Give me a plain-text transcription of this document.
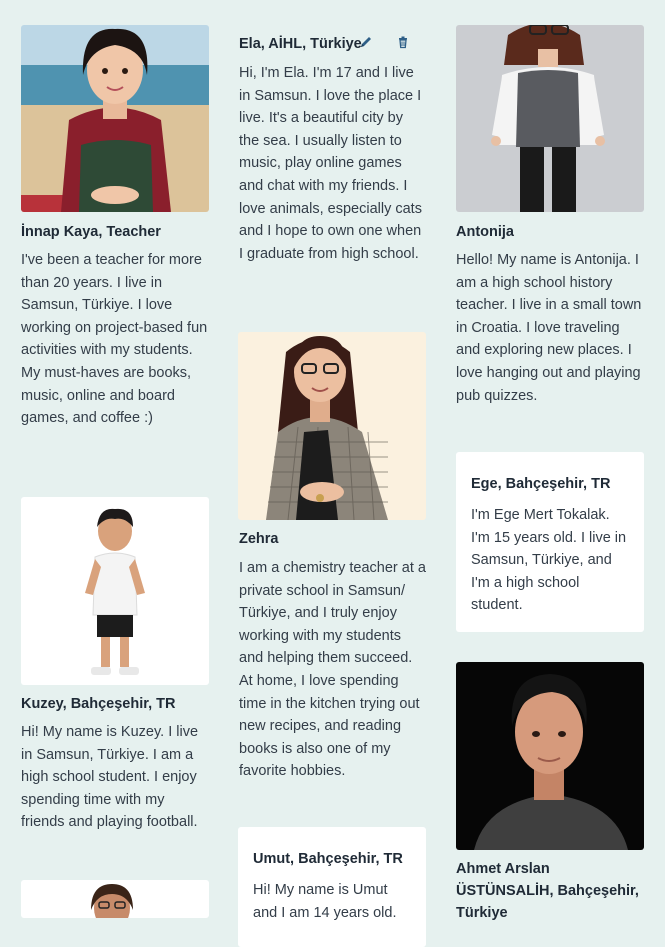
İnnap Kaya, Teacher
I've been a teacher for more than 20 years. I live in Samsun, Türkiye. I love working on project-based fun activities with my students. My must-haves are books, music, online and board games, and coffee :)
Kuzey, Bahçeşehir, TR
Hi! My name is Kuzey. I live in Samsun, Türkiye. I am a high school student. I enjoy spending time with my friends and playing football.
Ela, AİHL, Türkiye
Hi, I'm Ela. I'm 17 and I live in Samsun. I love the place I live. It's a beautiful city by the sea. I usually listen to music, play online games and chat with my friends. I love animals, especially cats and I hope to own one when I graduate from high school.
Zehra
I am a chemistry teacher at a private school in Samsun/ Türkiye, and I truly enjoy working with my students and helping them succeed. At home, I love spending time in the kitchen trying out new recipes, and reading books is also one of my favorite hobbies.
Umut, Bahçeşehir, TR
Hi! My name is Umut and I am 14 years old.
Antonija
Hello! My name is Antonija. I am a high school history teacher. I live in a small town in Croatia. I love traveling and exploring new places. I love hanging out and playing pub quizzes.
Ege, Bahçeşehir, TR
I'm Ege Mert Tokalak. I'm 15 years old. I live in Samsun, Türkiye, and I'm a high school student.
Ahmet Arslan ÜSTÜNSALİH, Bahçeşehir, Türkiye
